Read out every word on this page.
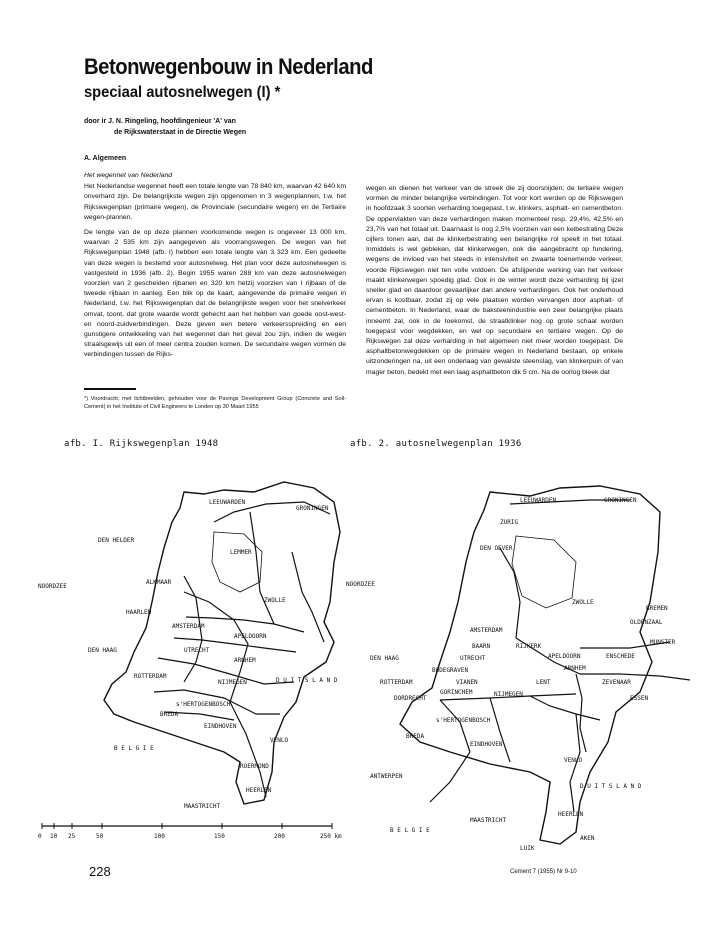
Betonwegenbouw in Nederland
speciaal autosnelwegen (I) *
door ir J. N. Ringeling, hoofdingenieur 'A' van
de Rijkswaterstaat in de Directie Wegen
A. Algemeen

Het wegennet van Nederland

Het Nederlandse wegennet heeft een totale lengte van 78 840 km, waarvan 42 640 km onverhard zijn. De belangrijkste wegen zijn opgenomen in 3 wegenplannen, t.w. het Rijkswegenplan (primaire wegen), de Provinciale (secundaire wegen) en de Tertiaire wegen-plannen.

De lengte van de op deze plannen voorkomende wegen is ongeveer 13 000 km, waarvan 2 535 km zijn aangegeven als voorrangswegen. De wegen van het Rijkswegenplan 1948 (afb. I) hebben een totale lengte van 3 323 km. Een gedeelte van deze wegen is bestemd voor autosnelweg. Het plan voor deze autosnelwegen is vastgesteld in 1936 (afb. 2). Begin 1955 waren 288 km van deze autosnelwegen voorzien van 2 gescheiden rijbanen en 320 km hetzij voorzien van I rijbaan of de tweede rijbaan in aanleg. Een blik op de kaart, aangevende de primaire wegen in Nederland, t.w. het Rijkswegenplan dat de belangrijkste wegen voor het snelverkeer omvat, toont, dat grote waarde wordt gehecht aan het hebben van goede oost-west- en noord-zuidverbindingen. Deze geven een betere verkeersspreiding en een gunstigere ontwikkeling van het wegennet dan het geval zou zijn, indien de wegen straalsgewijs uit een of meer centra zouden komen. De secundaire wegen vormen de verbindingen tussen de Rijks-

wegen en dienen het verkeer van de streek die zij doorsnijden; de tertiaire wegen vormen de minder belangrijke verbindingen. Tot voor kort werden op de Rijkswegen in hoofdzaak 3 soorten verharding toegepast, t.w. klinkers, asphalt- en cementbeton. De oppervlakten van deze verhardingen maken momenteel resp. 29,4%, 42,5% en 23,7% van het totaal uit. Daarnaast is nog 2,5% voorzien van een keibestrating Deze cijfers tonen aan, dat de klinkerbestrating een belangrijke rol speelt in het totaal. Inmiddels is wel gebleken, dat klinkerwegen, ook die aangebracht op fundering, wegens de invloed van het steeds in intensiviteit en zwaarte toenemende verkeer, voorde Rijkswegen niet ten volle voldoen. De afslijpende werking van het verkeer maakt klinkerwegen spoedig glad. Ook in de winter wordt deze verharding bij ijzel sneller glad en daardoor gevaarlijker dan andere verhardingen. Ook het onderhoud ervan is kostbaar, zodat zij op vele plaatsen worden vervangen door asphalt- of cementbeton. In Nederland, waar de baksteenindustrie een zeer belangrijke plaats inneemt zal, ook in de toekomst, de straatklinker nog op grote schaal worden toegepast voor wegdekken, en wel op secundaire en tertiaire wegen. Op de Rijkswegen zal deze verharding in het algemeen niet meer worden toegepast. De asphaltbetonwegdekken op de primaire wegen in Nederland bestaan, op enkele uitzonderingen na, uit een onderlaag van gewalste steenslag, van klinkerpuin of van mager beton, bedekt met een laag asphaltbeton dik 5 cm. Na de oorlog bleek dat

*) Voordracht, met lichtbeelden, gehouden voor de Pavings Development Group (Concrete and Soil-Cement) in het Institute of Civil Engineers te Londen op 30 Maart 1955
afb. I. Rijkswegenplan 1948	afb. 2. autosnelwegenplan 1936
LEEUWARDEN
GRONINGEN
DEN HELDER
NOORDZEE
ALKMAAR
LEMMER
ZWOLLE
HAARLEM
AMSTERDAM
APELDOORN
DEN HAAG	UTRECHT
ARNHEM
ROTTERDAM
NIJMEGEN
s'HERTOGENBOSCH
BREDA
EINDHOVEN
VENLO
ROERMOND
B E L G I E
D U I T S L A N D
HEERLEN
MAASTRICHT
0 10 25	50	100	150	200	250 km
LEEUWARDEN	GRONINGEN
ZURIG
DEN OEVER
NOORDZEE
ZWOLLE
BREMEN
OLDENZAAL
MUNSTER
AMSTERDAM
BAARN	RIJKERK
APELDOORN	ENSCHEDE
DEN HAAG	UTRECHT
ARNHEM
ZEVENAAR
BODEGRAVEN
VIANEN	LENT
ROTTERDAM
ESSEN
DORDRECHT
GORINCHEM	NIJMEGEN
s'HERTOGENBOSCH
BREDA
EINDHOVEN
ANTWERPEN
VENLO
D U I T S L A N D
B E L G I E
MAASTRICHT
HEERLEN
AKEN
LUIK
228	Cement 7 (1955) Nr 9-10
